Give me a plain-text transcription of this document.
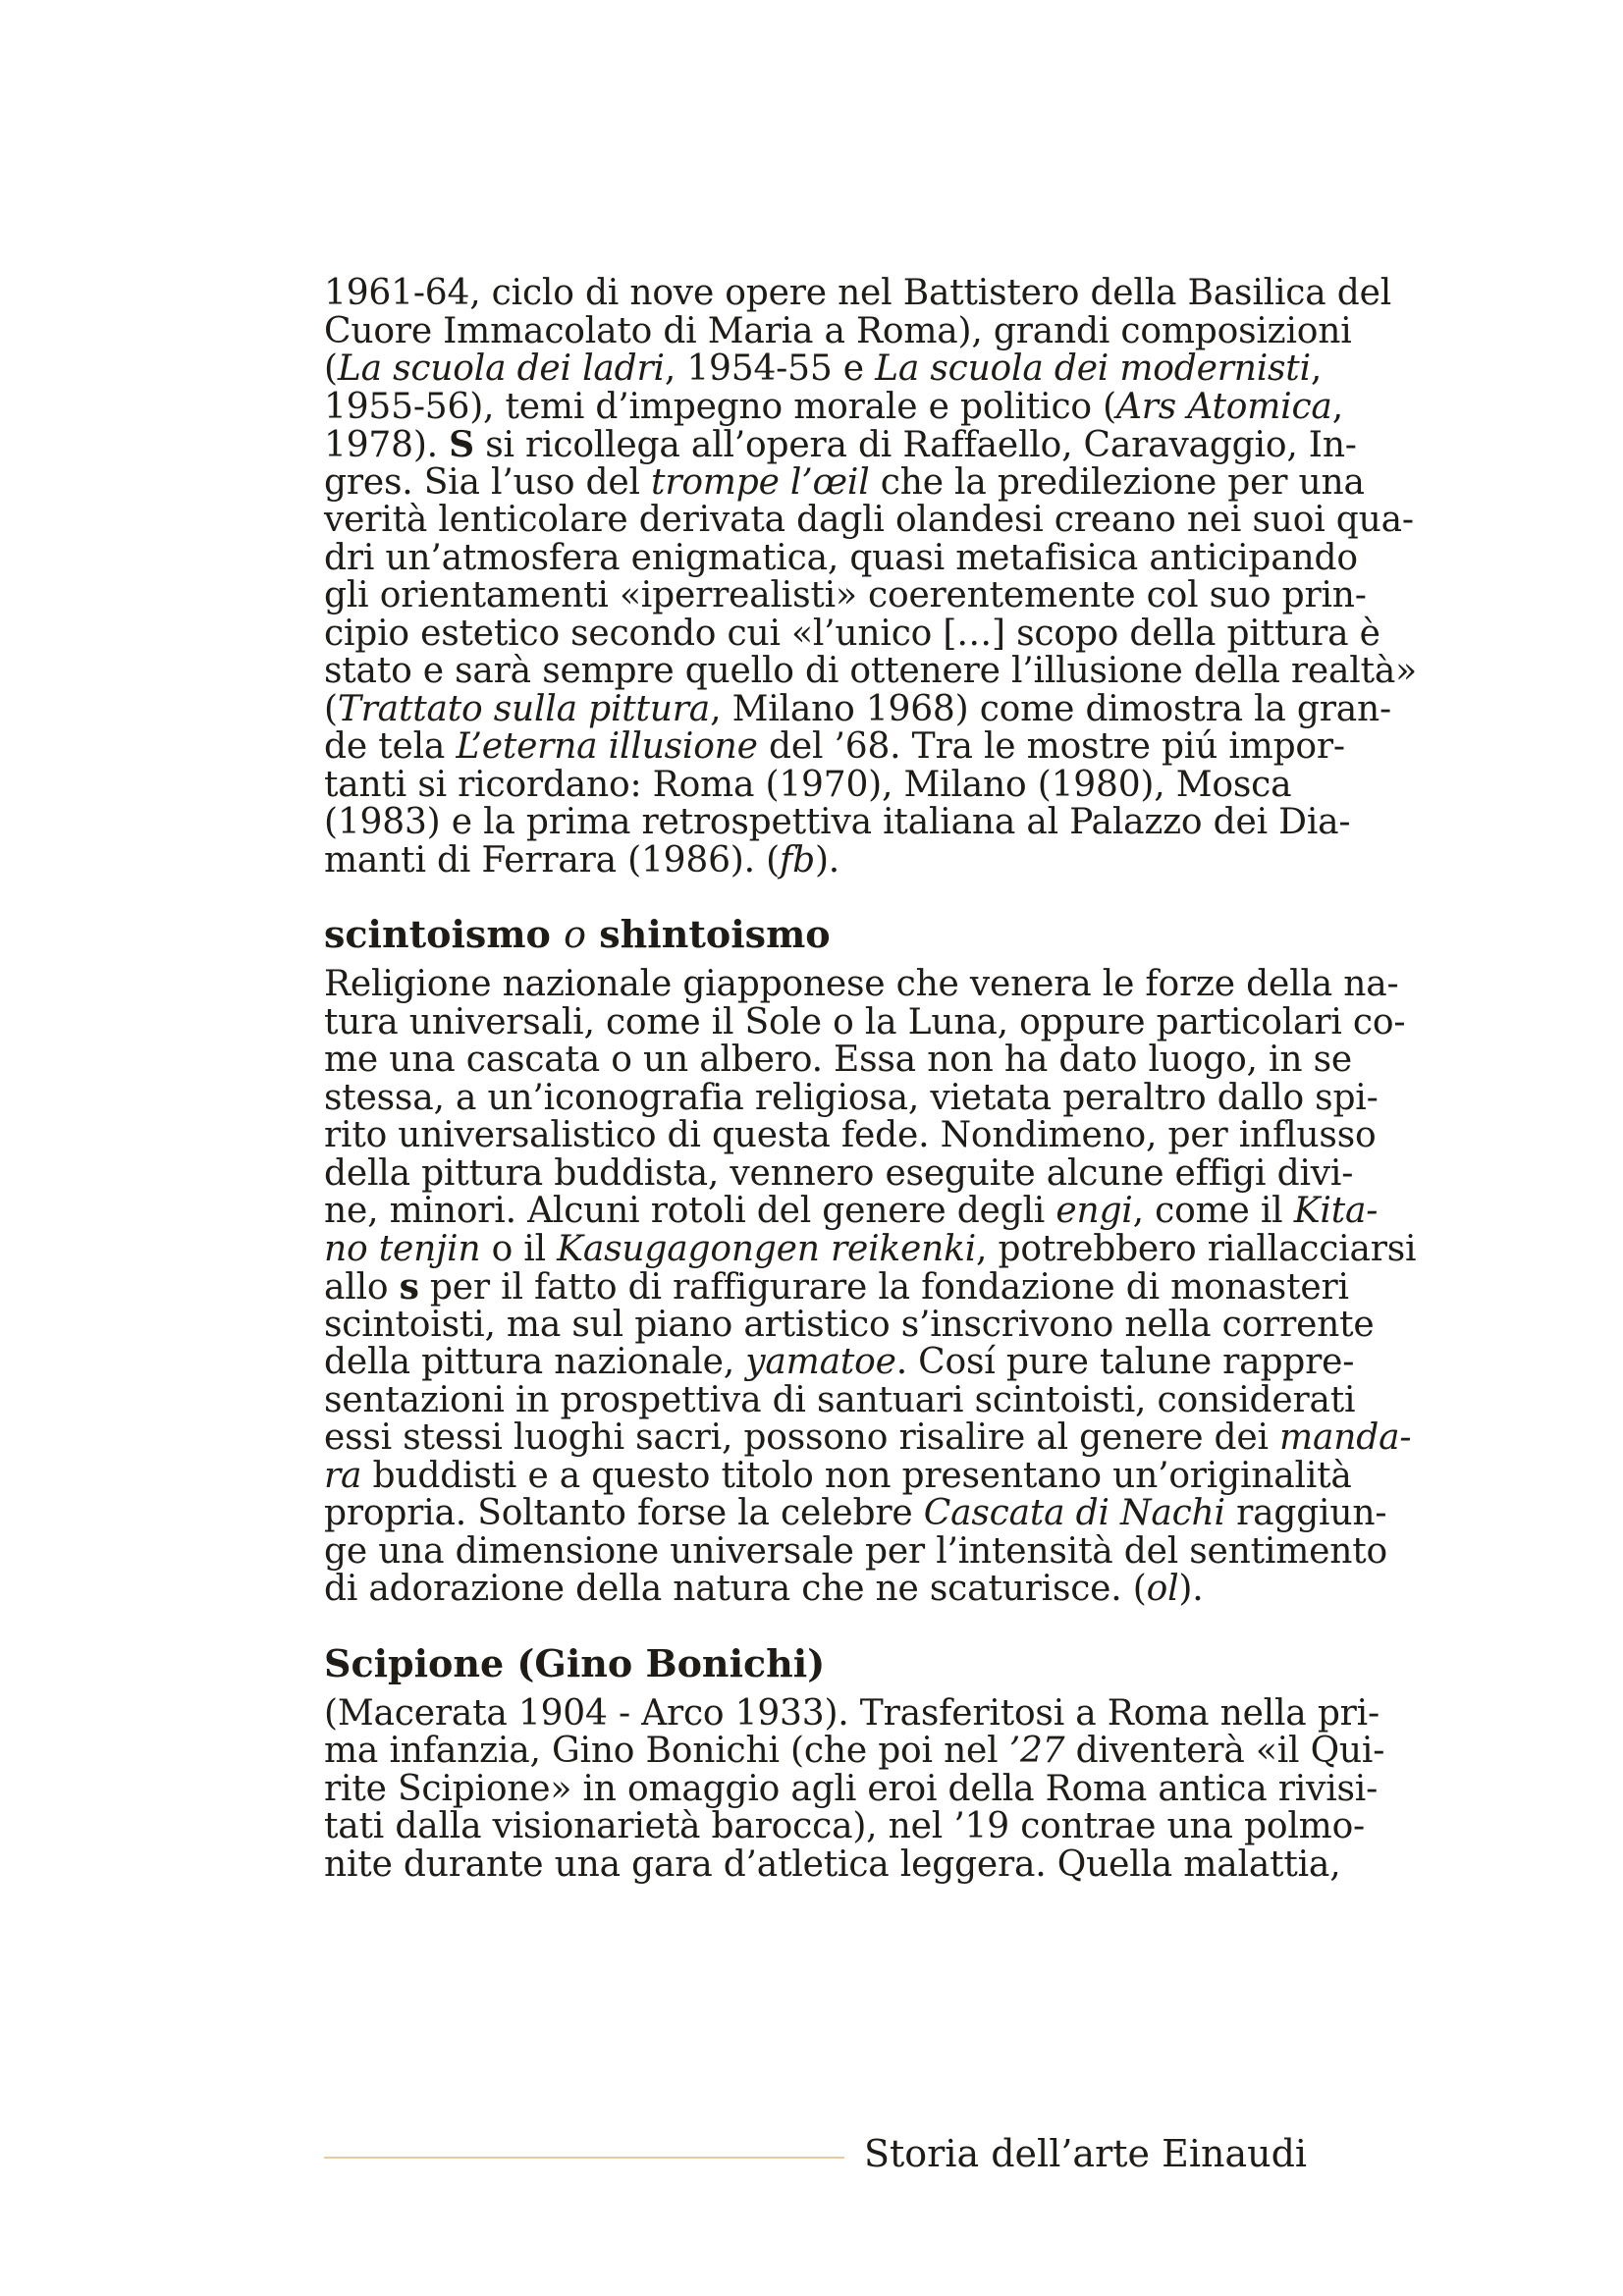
1961-64, ciclo di nove opere nel Battistero della Basilica del
Cuore Immacolato di Maria a Roma), grandi composizioni
(La scuola dei ladri, 1954-55 e La scuola dei modernisti,
1955-56), temi d’impegno morale e politico (Ars Atomica,
1978). S si ricollega all’opera di Raffaello, Caravaggio, In-
gres. Sia l’uso del trompe l’œil che la predilezione per una
verità lenticolare derivata dagli olandesi creano nei suoi qua-
dri un’atmosfera enigmatica, quasi metafisica anticipando
gli orientamenti «iperrealisti» coerentemente col suo prin-
cipio estetico secondo cui «l’unico […] scopo della pittura è
stato e sarà sempre quello di ottenere l’illusione della realtà»
(Trattato sulla pittura, Milano 1968) come dimostra la gran-
de tela L’eterna illusione del ’68. Tra le mostre piú impor-
tanti si ricordano: Roma (1970), Milano (1980), Mosca
(1983) e la prima retrospettiva italiana al Palazzo dei Dia-
manti di Ferrara (1986). (fb).
scintoismo o shintoismo
Religione nazionale giapponese che venera le forze della na-
tura universali, come il Sole o la Luna, oppure particolari co-
me una cascata o un albero. Essa non ha dato luogo, in se
stessa, a un’iconografia religiosa, vietata peraltro dallo spi-
rito universalistico di questa fede. Nondimeno, per influsso
della pittura buddista, vennero eseguite alcune effigi divi-
ne, minori. Alcuni rotoli del genere degli engi, come il Kita-
no tenjin o il Kasugagongen reikenki, potrebbero riallacciarsi
allo s per il fatto di raffigurare la fondazione di monasteri
scintoisti, ma sul piano artistico s’inscrivono nella corrente
della pittura nazionale, yamatoe. Cosí pure talune rappre-
sentazioni in prospettiva di santuari scintoisti, considerati
essi stessi luoghi sacri, possono risalire al genere dei manda-
ra buddisti e a questo titolo non presentano un’originalità
propria. Soltanto forse la celebre Cascata di Nachi raggiun-
ge una dimensione universale per l’intensità del sentimento
di adorazione della natura che ne scaturisce. (ol).
Scipione (Gino Bonichi)
(Macerata 1904 - Arco 1933). Trasferitosi a Roma nella pri-
ma infanzia, Gino Bonichi (che poi nel ’27 diventerà «il Qui-
rite Scipione» in omaggio agli eroi della Roma antica rivisi-
tati dalla visionarietà barocca), nel ’19 contrae una polmo-
nite durante una gara d’atletica leggera. Quella malattia,
Storia dell’arte Einaudi
